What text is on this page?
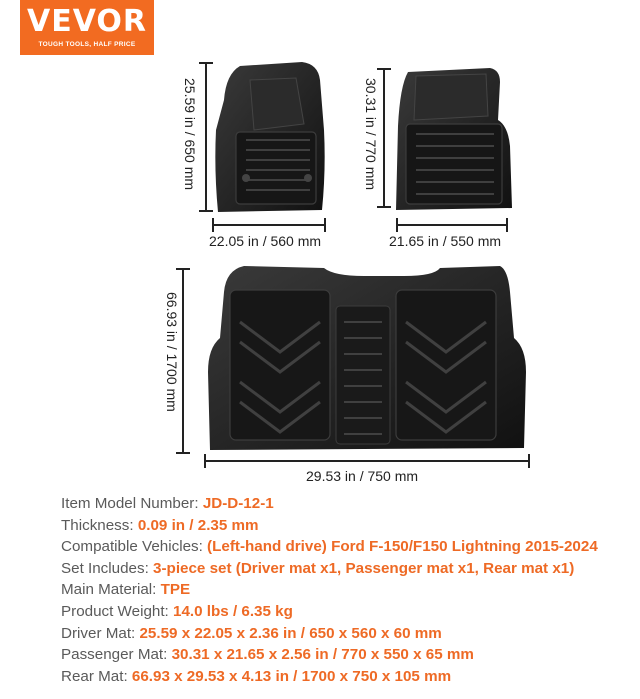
VEVOR
TOUGH TOOLS, HALF PRICE
25.59 in / 650 mm
22.05 in / 560 mm
30.31 in / 770 mm
21.65 in / 550 mm
66.93 in / 1700 mm
29.53 in / 750 mm
Item Model Number: JD-D-12-1
Thickness: 0.09 in / 2.35 mm
Compatible Vehicles: (Left-hand drive) Ford F-150/F150 Lightning 2015-2024
Set Includes: 3-piece set (Driver mat x1, Passenger mat x1, Rear mat x1)
Main Material: TPE
Product Weight: 14.0 lbs / 6.35 kg
Driver Mat: 25.59 x 22.05 x 2.36 in / 650 x 560 x 60 mm
Passenger Mat: 30.31 x 21.65 x 2.56 in / 770 x 550 x 65 mm
Rear Mat: 66.93 x 29.53 x 4.13 in / 1700 x 750 x 105 mm
